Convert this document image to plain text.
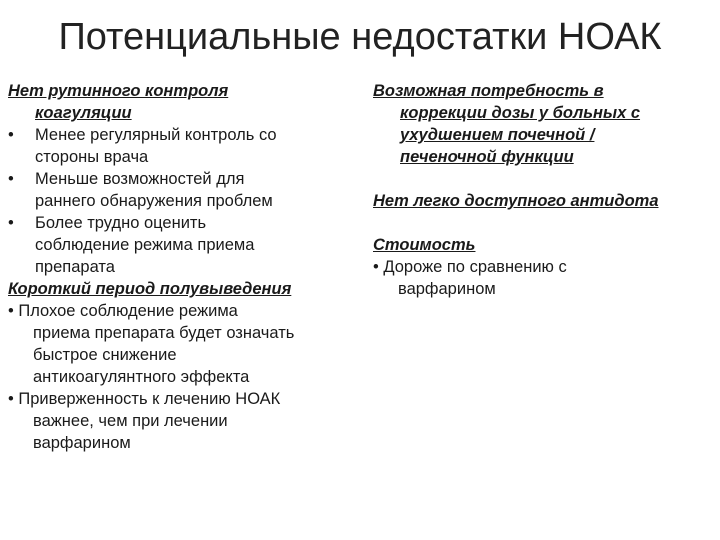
Потенциальные недостатки НОАК
Нет рутинного контроля
коагуляции
• Менее регулярный контроль со
стороны врача
• Меньше возможностей для
раннего обнаружения проблем
• Более трудно оценить
соблюдение режима приема
препарата
Короткий период полувыведения
• Плохое соблюдение режима
приема препарата будет означать
быстрое снижение
антикоагулянтного эффекта
• Приверженность к лечению НОАК
важнее, чем при лечении
варфарином
Возможная потребность в
коррекции дозы у больных с
ухудшением почечной /
печеночной функции
Нет легко доступного антидота
Стоимость
• Дороже по сравнению с
варфарином
